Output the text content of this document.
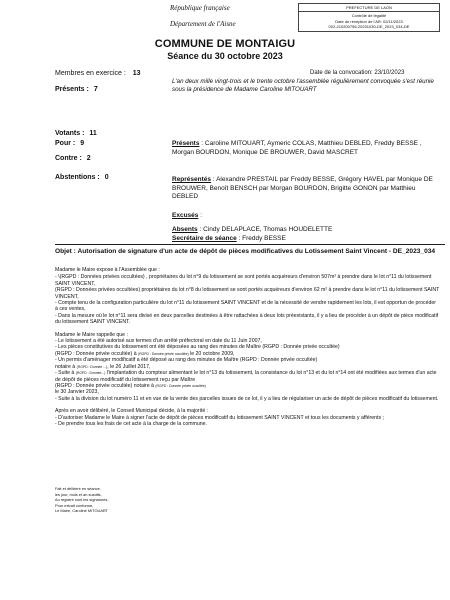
République française
Département de l'Aisne
PREFECTURE DE LAON
Contrôle de légalité
Date de réception de l'AR: 02/11/2023
002-210200756-20231030-DE_2023_034-DE
COMMUNE DE MONTAIGU
Séance du 30 octobre 2023
Membres en exercice : 13
Présents : 7
Votants : 11
Pour : 9
Contre : 2
Abstentions : 0
Date de la convocation: 23/10/2023
L'an deux mille vingt-trois et le trente octobre l'assemblée régulièrement convoquée s'est réunie sous la présidence de Madame Caroline MITOUART
Présents : Caroline MITOUART, Aymeric COLAS, Matthieu DEBLED, Freddy BESSE , Morgan BOURDON, Monique DE BROUWER, David MASCRET
Représentés : Alexandre PRESTAIL par Freddy BESSE, Grégory HAVEL par Monique DE BROUWER, Benoît BENSCH par Morgan BOURDON, Brigitte GONON par Matthieu DEBLED
Excusés :
Absents : Cindy DELAPLACE, Thomas HOUDELETTE
Secrétaire de séance : Freddy BESSE
Objet : Autorisation de signature d'un acte de dépôt de pièces modificatives du Lotissement Saint Vincent - DE_2023_034

Madame le Maire expose à l'Assemblée que :

- \(RGPD : Données privées occultées) , propriétaires du lot n°9 du lotissement se sont portés acquéreurs d'environ 507m² à prendre dans le lot n°11 du lotissement SAINT VINCENT,

(RGPD : Données privées occultées) propriétaires du lot n°8 du lotissement se sont portés acquéreurs d'environ 62 m² à prendre dans le lot n°11 du lotissement SAINT VINCENT,

- Compte tenu de la configuration particulière du lot n°11 du lotissement SAINT VINCENT et de la nécessité de vendre rapidement les lots, il est opportun de procéder à ces ventes,

- Dans la mesure où le lot n°11 sera divisé en deux parcelles destinées à être rattachées à deux lots préexistants, il y a lieu de procéder à un dépôt de pièce modificatif du lotissement SAINT VINCENT.

Madame le Maire rappelle que :

- Le lotissement a été autorisé aux termes d'un arrêté préfectoral en date du 11 Juin 2007,

- Les pièces constitutives du lotissement ont été déposées au rang des minutes de Maître (RGPD : Donnée privée occultée)

(RGPD : Donnée privée occultée) à (RGPD : Donnée privée occultée) le 20 octobre 2009,

- Un permis d'aménager modificatif a été déposé au rang des minutes de Maître (RGPD : Donnée privée occultée)

notaire à (RGPD : Donnée ...), le 26 Juillet 2017,

- Suite à (RGPD : Donnée...) l'implantation du compteur alimentant le lot n°13 du lotissement, la consistance du lot n°13 et du lot n°14 ont été modifiées aux termes d'un acte de dépôt de pièces modificatif du lotissement reçu par Maître

(RGPD : Donnée privée occultée) notaire à (RGPD : Donnée privée occultée)

le 30 Janvier 2023,

- Suite à la division du lot numéro 11 et en vue de la vente des parcelles issues de ce lot, il y a lieu de régulariser un acte de dépôt de pièces modificatif du lotissement.

Après en avoir délibéré, le Conseil Municipal décide, à la majorité :

- D'autoriser Madame le Maire à signer l'acte de dépôt de pièces modificatif du lotissement SAINT VINCENT et tous les documents y afférents ;

- De prendre tous les frais de cet acte à la charge de la commune.

Fait et délibéré en séance,
les jour, mois et an susdits,
Au registre sont les signatures,
Pour extrait conforme,
Le Maire, Caroline MITOUART
